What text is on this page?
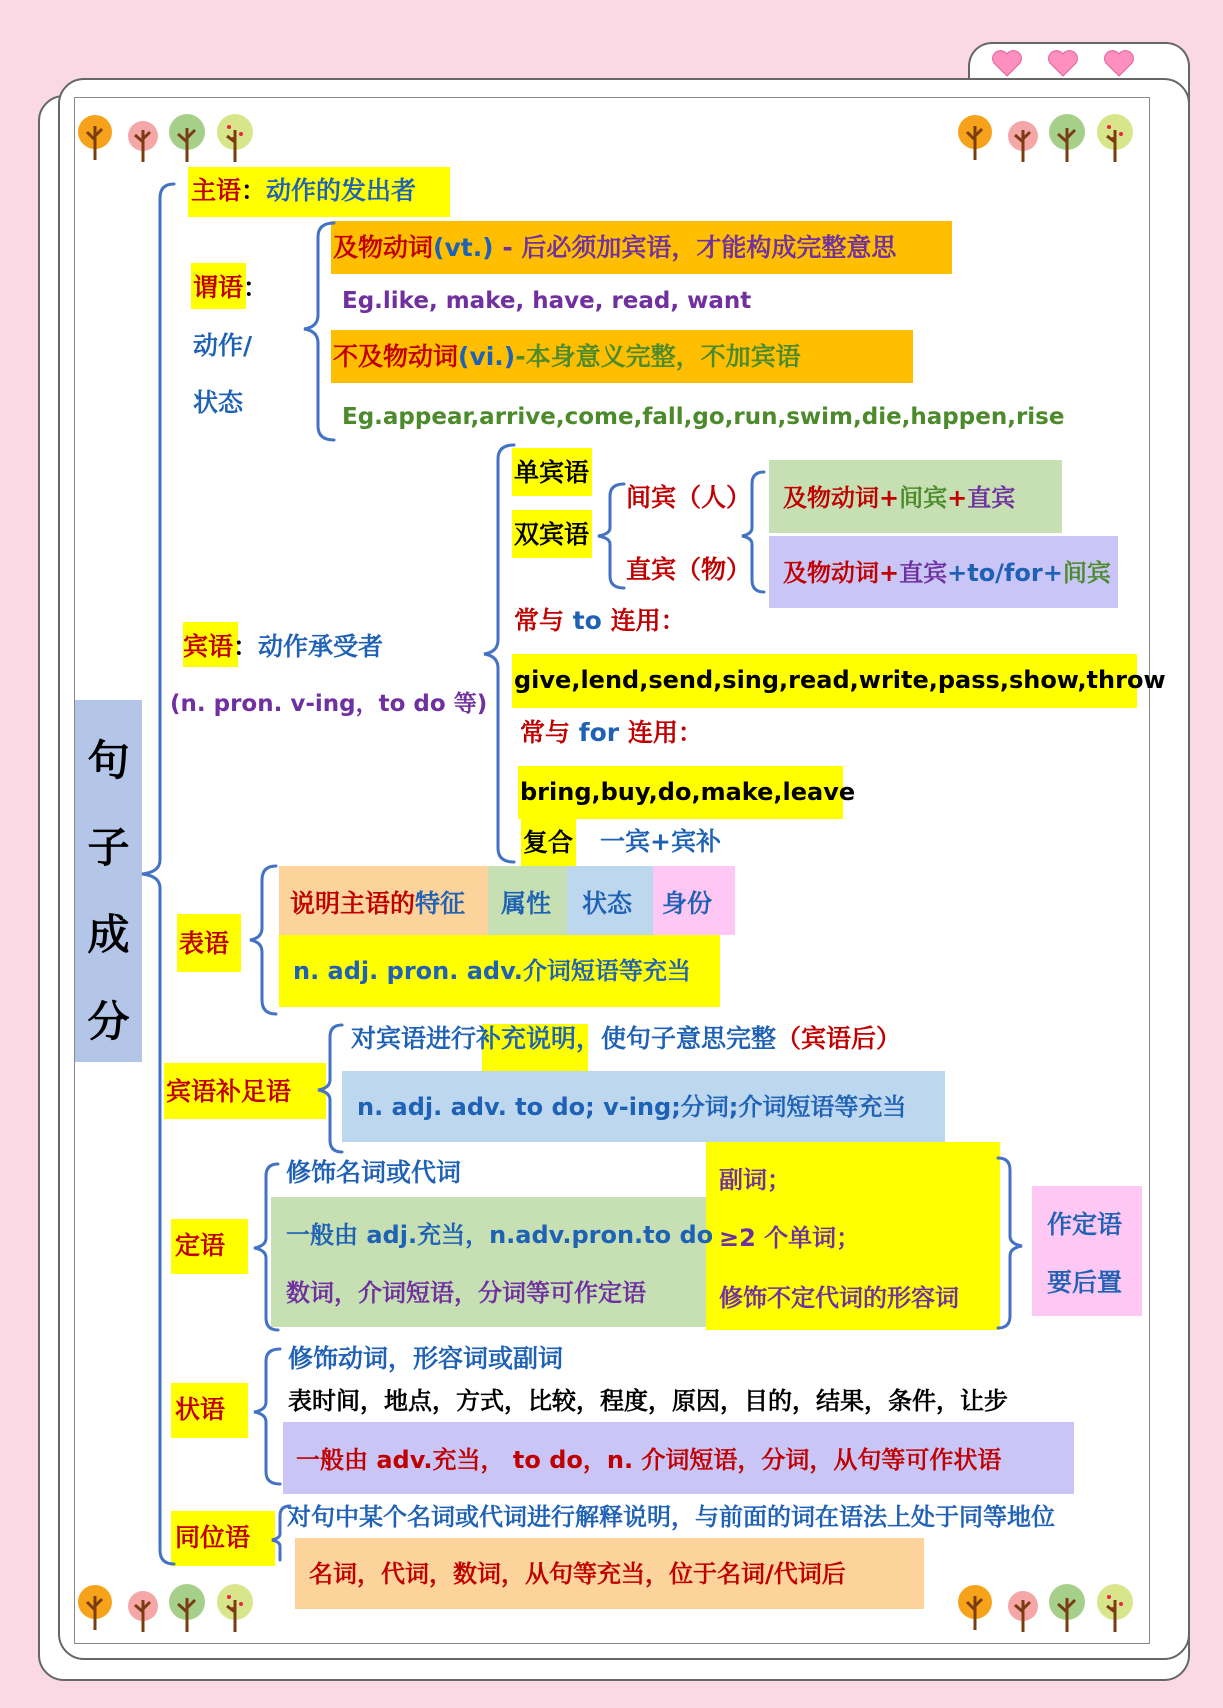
句
子
成
分
主语：动作的发出者
谓语：
动作/
状态
及物动词(vt.) - 后必须加宾语，才能构成完整意思
Eg.like, make, have, read, want
不及物动词(vi.)-本身意义完整，不加宾语
Eg.appear,arrive,come,fall,go,run,swim,die,happen,rise
宾语：动作承受者
(n. pron. v-ing，to do 等)
单宾语
双宾语
间宾（人）
直宾（物）
及物动词+间宾+直宾
及物动词+直宾+to/for+间宾
常与 to 连用：
give,lend,send,sing,read,write,pass,show,throw
常与 for 连用：
bring,buy,do,make,leave
复合 一宾+宾补
表语
说明主语的特征 属性 状态 身份
n. adj. pron. adv.介词短语等充当
对宾语进行补充说明，使句子意思完整（宾语后）
宾语补足语
n. adj. adv. to do; v-ing;分词;介词短语等充当
修饰名词或代词
定语	一般由 adj.充当，n.adv.pron.to do
数词，介词短语，分词等可作定语
副词；
≥2 个单词；
修饰不定代词的形容词
作定语
要后置
修饰动词，形容词或副词
状语	表时间，地点，方式，比较，程度，原因，目的，结果，条件，让步
一般由 adv.充当， to do，n. 介词短语，分词，从句等可作状语
对句中某个名词或代词进行解释说明，与前面的词在语法上处于同等地位
同位语
名词，代词，数词，从句等充当，位于名词/代词后
